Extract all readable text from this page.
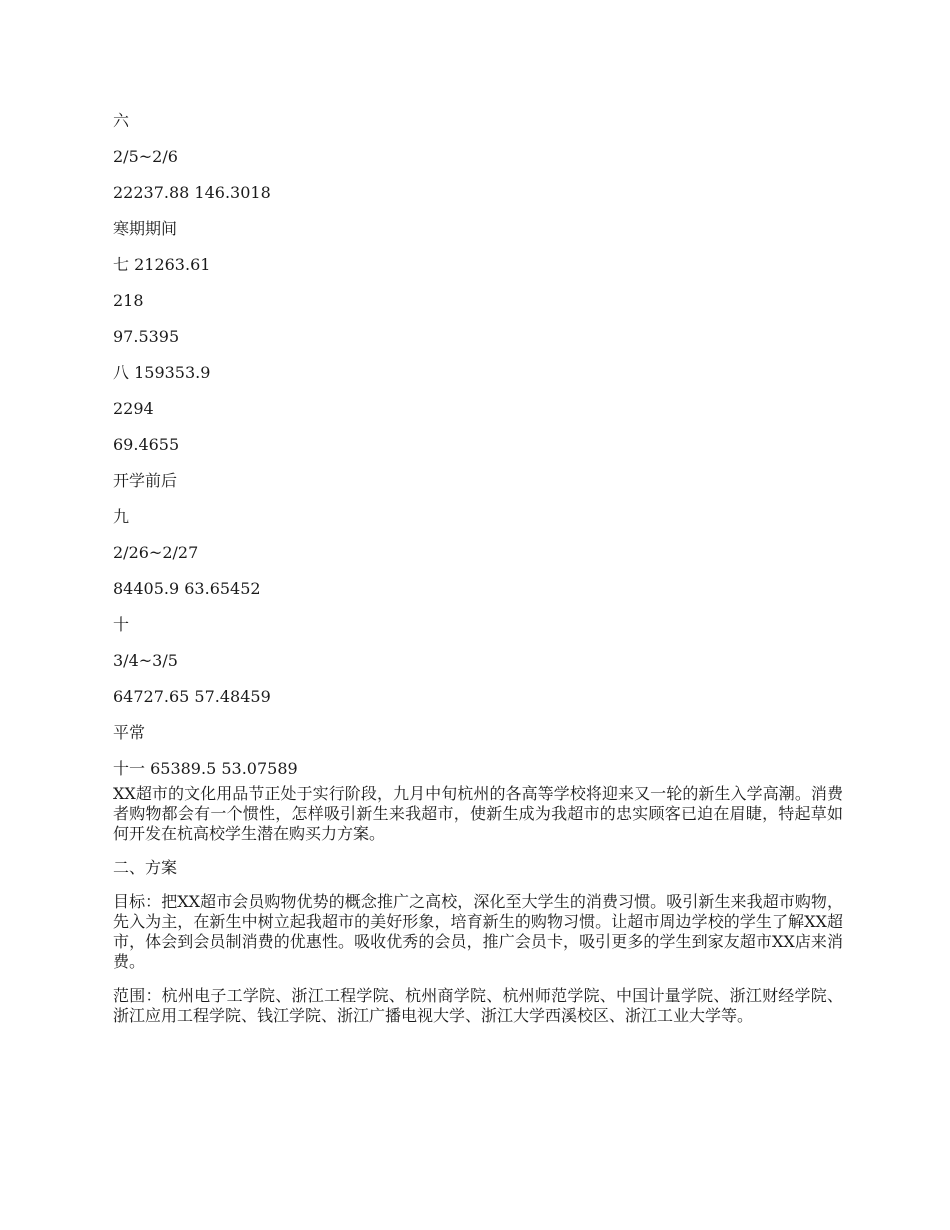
六
2/5~2/6
22237.88 146.3018
寒期期间
七 21263.61
218
97.5395
八 159353.9
2294
69.4655
开学前后
九
2/26~2/27
84405.9 63.65452
十
3/4~3/5
64727.65 57.48459
平常
十一 65389.5 53.07589

XX超市的文化用品节正处于实行阶段，九月中旬杭州的各高等学校将迎来又一轮的新生入学高潮。消费者购物都会有一个惯性，怎样吸引新生来我超市，使新生成为我超市的忠实顾客已迫在眉睫，特起草如何开发在杭高校学生潜在购买力方案。

二、方案

目标：把XX超市会员购物优势的概念推广之高校，深化至大学生的消费习惯。吸引新生来我超市购物，先入为主，在新生中树立起我超市的美好形象，培育新生的购物习惯。让超市周边学校的学生了解XX超市，体会到会员制消费的优惠性。吸收优秀的会员，推广会员卡，吸引更多的学生到家友超市XX店来消费。

范围：杭州电子工学院、浙江工程学院、杭州商学院、杭州师范学院、中国计量学院、浙江财经学院、浙江应用工程学院、钱江学院、浙江广播电视大学、浙江大学西溪校区、浙江工业大学等。
